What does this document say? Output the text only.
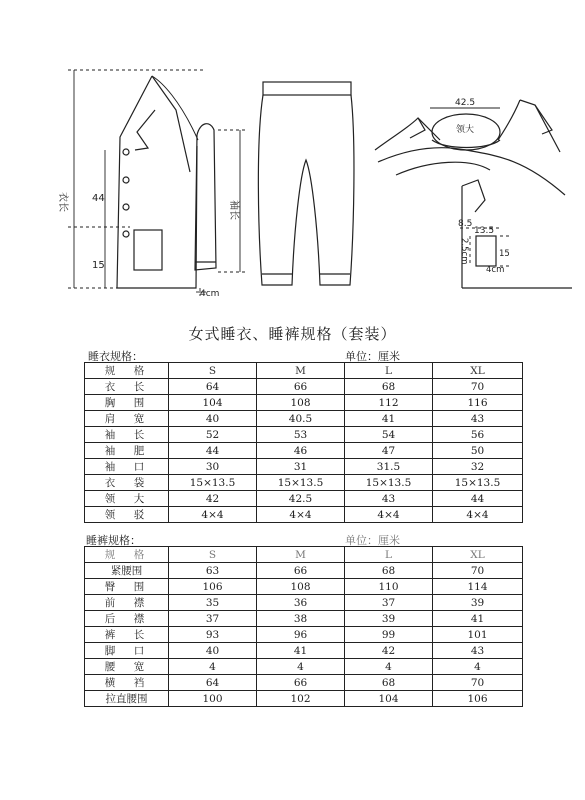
衣长 44
15
袖长
4cm
42.5
领大
8.5
13.5
2.5cm	15
4cm
女式睡衣、睡裤规格（套装）
睡衣规格：	单位：厘米
规　格	S	M	L	XL
衣　长	64	66	68	70
胸　围	104	108	112	116
肩　宽	40	40.5	41	43
袖　长	52	53	54	56
袖　肥	44	46	47	50
袖　口	30	31	31.5	32
衣　袋	15×13.5	15×13.5	15×13.5	15×13.5
领　大	42	42.5	43	44
领　驳	4×4	4×4	4×4	4×4
睡裤规格：	单位：厘米
规　格	S	M	L	XL
紧腰围	63	66	68	70
臀　围	106	108	110	114
前　襟	35	36	37	39
后　襟	37	38	39	41
裤　长	93	96	99	101
脚　口	40	41	42	43
腰　宽	4	4	4	4
横　裆	64	66	68	70
拉直腰围	100	102	104	106
